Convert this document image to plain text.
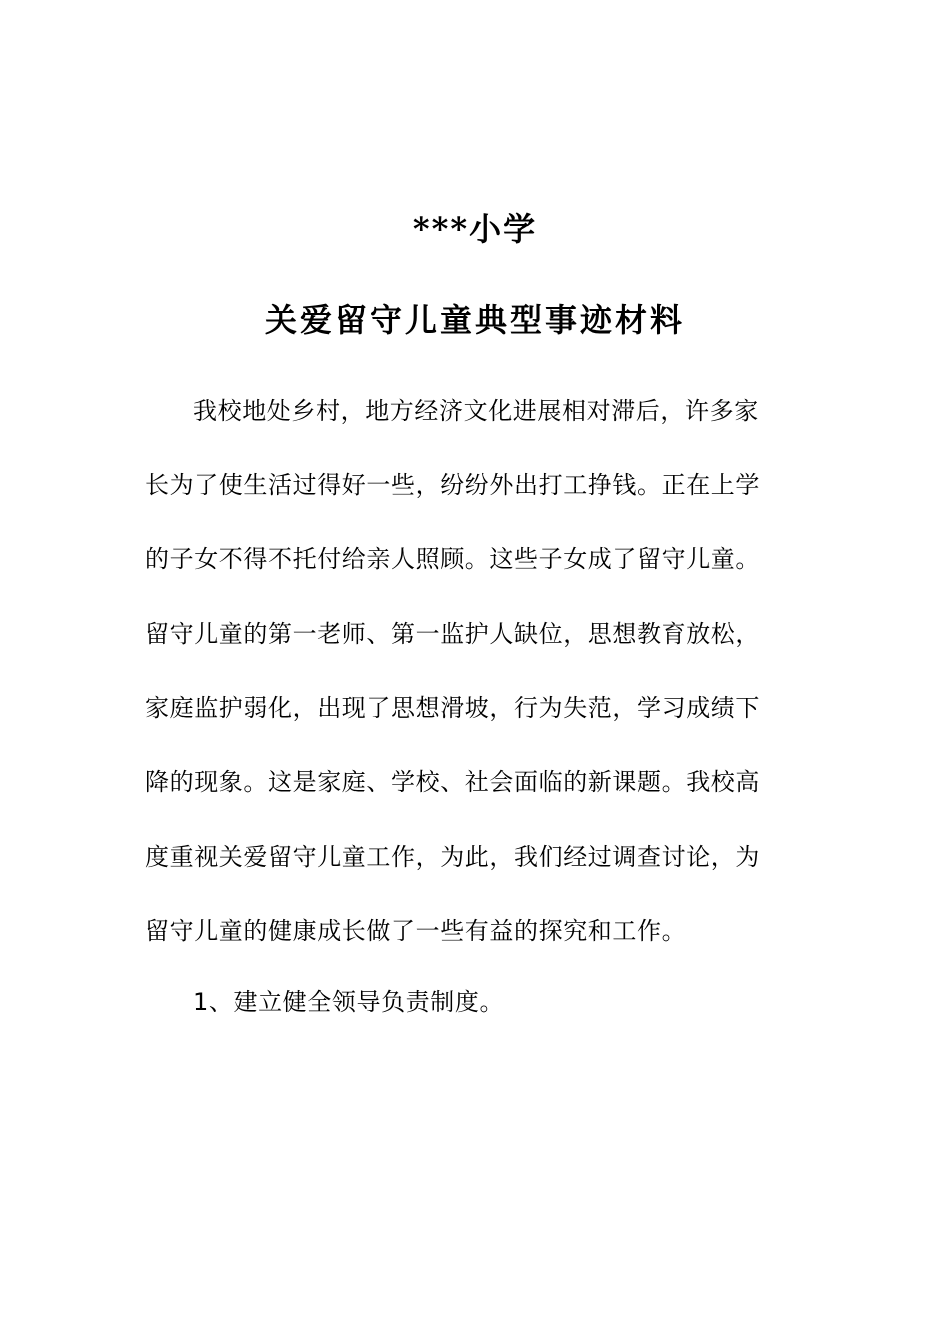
***小学
关爱留守儿童典型事迹材料
我校地处乡村，地方经济文化进展相对滞后，许多家
长为了使生活过得好一些，纷纷外出打工挣钱。正在上学
的子女不得不托付给亲人照顾。这些子女成了留守儿童。
留守儿童的第一老师、第一监护人缺位，思想教育放松，
家庭监护弱化，出现了思想滑坡，行为失范，学习成绩下
降的现象。这是家庭、学校、社会面临的新课题。我校高
度重视关爱留守儿童工作，为此，我们经过调查讨论，为
留守儿童的健康成长做了一些有益的探究和工作。
1、建立健全领导负责制度。
